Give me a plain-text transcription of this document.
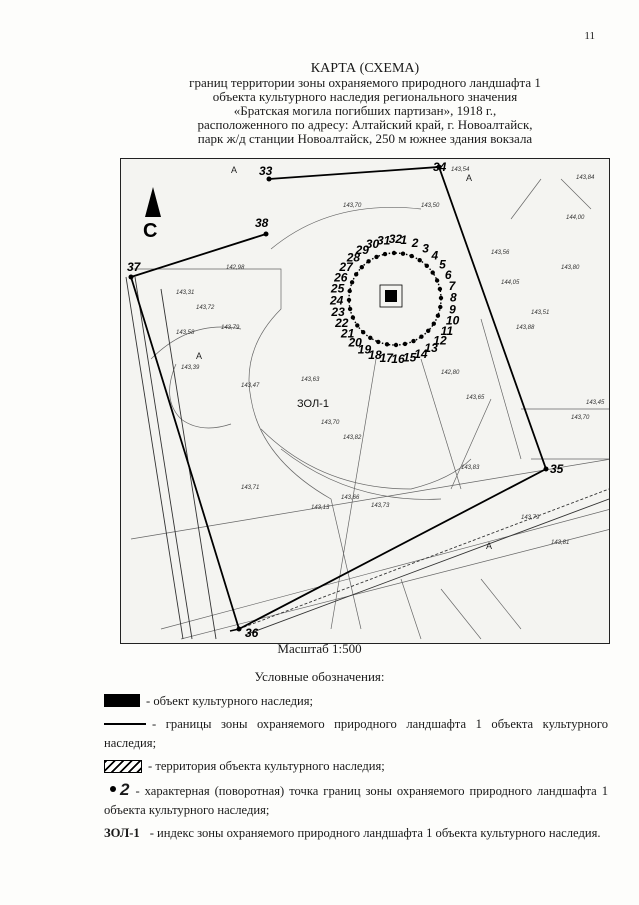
11
КАРТА (СХЕМА)
границ территории зоны охраняемого природного ландшафта 1
объекта культурного наследия регионального значения
«Братская могила погибших партизан», 1918 г.,
расположенного по адресу: Алтайский край, г. Новоалтайск,
парк ж/д станции Новоалтайск, 250 м южнее здания вокзала
33	34
35
36
37
38
1 2 3
4
5
6
7
8
9
10
11
12
13
14
15
16
17
18
19
20
21
22
23
24
25
26
27
28
29
30
31
32
С
ЗОЛ-1
А
А
А
А
143,54
143,70	143,50
142,98
143,31
143,72
143,79
143,58
143,39
143,47
143,63
143,70
143,82
142,80
143,65
143,83
143,71
143,66
143,73
143,13
143,56
144,05
143,88
143,51
143,80
144,00
143,84
143,45
143,70
143,79
143,81
Масштаб 1:500
Условные обозначения:
- объект культурного наследия;
- границы зоны охраняемого природного ландшафта 1 объекта культурного наследия;
- территория объекта культурного наследия;
2 - характерная (поворотная) точка границ зоны охраняемого природного ландшафта 1 объекта культурного наследия;
ЗОЛ-1 - индекс зоны охраняемого природного ландшафта 1 объекта культурного наследия.
